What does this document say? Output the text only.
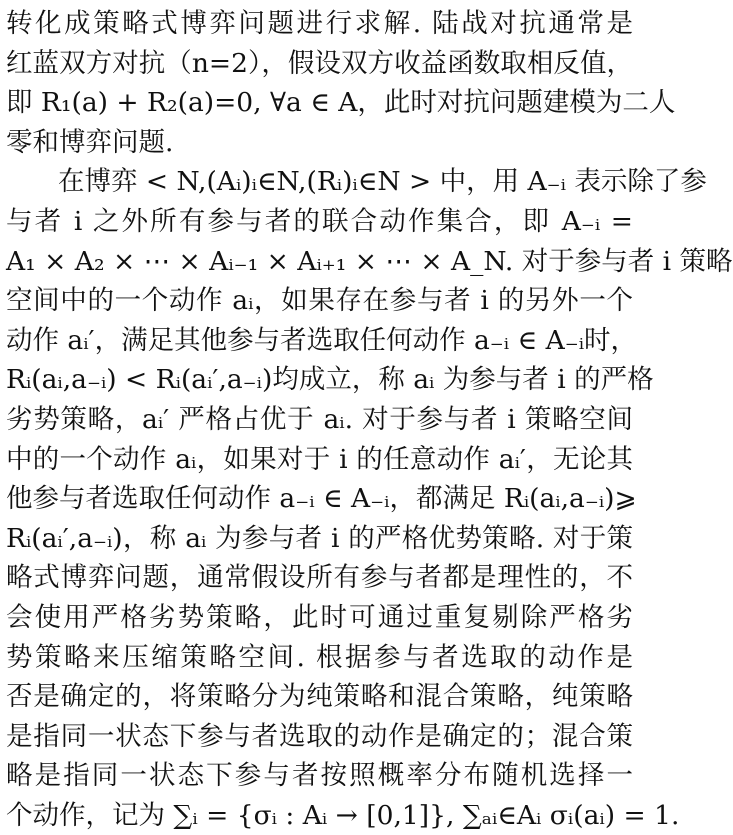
转化成策略式博弈问题进行求解. 陆战对抗通常是
红蓝双方对抗（n=2），假设双方收益函数取相反值，
即 R₁(a) + R₂(a)=0, ∀a ∈ A，此时对抗问题建模为二人
零和博弈问题.
在博弈 < N,(Aᵢ)ᵢ∈N,(Rᵢ)ᵢ∈N > 中，用 A₋ᵢ 表示除了参
与者 i 之外所有参与者的联合动作集合，即 A₋ᵢ =
A₁ × A₂ × ⋯ × Aᵢ₋₁ × Aᵢ₊₁ × ⋯ × A_N. 对于参与者 i 策略
空间中的一个动作 aᵢ，如果存在参与者 i 的另外一个
动作 aᵢ′，满足其他参与者选取任何动作 a₋ᵢ ∈ A₋ᵢ时，
Rᵢ(aᵢ,a₋ᵢ) < Rᵢ(aᵢ′,a₋ᵢ)均成立，称 aᵢ 为参与者 i 的严格
劣势策略，aᵢ′ 严格占优于 aᵢ. 对于参与者 i 策略空间
中的一个动作 aᵢ，如果对于 i 的任意动作 aᵢ′，无论其
他参与者选取任何动作 a₋ᵢ ∈ A₋ᵢ，都满足 Rᵢ(aᵢ,a₋ᵢ)⩾
Rᵢ(aᵢ′,a₋ᵢ)，称 aᵢ 为参与者 i 的严格优势策略. 对于策
略式博弈问题，通常假设所有参与者都是理性的，不
会使用严格劣势策略，此时可通过重复剔除严格劣
势策略来压缩策略空间. 根据参与者选取的动作是
否是确定的，将策略分为纯策略和混合策略，纯策略
是指同一状态下参与者选取的动作是确定的；混合策
略是指同一状态下参与者按照概率分布随机选择一
个动作，记为 ∑ᵢ = {σᵢ : Aᵢ → [0,1]}, ∑ₐᵢ∈Aᵢ σᵢ(aᵢ) = 1.
